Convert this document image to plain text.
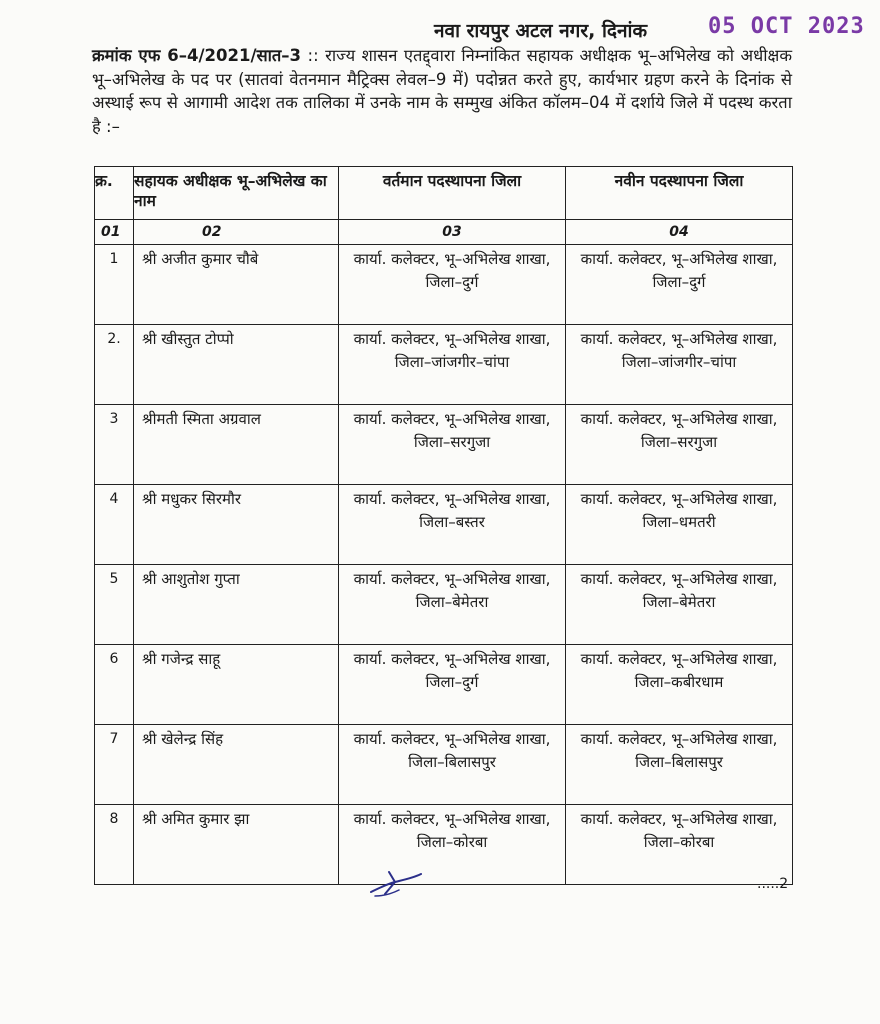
नवा रायपुर अटल नगर, दिनांक	05 OCT 2023
क्रमांक एफ 6–4/2021/सात–3 :: राज्य शासन एतद्द्वारा निम्नांकित सहायक अधीक्षक भू–अभिलेख को अधीक्षक भू–अभिलेख के पद पर (सातवां वेतनमान मैट्रिक्स लेवल–9 में) पदोन्नत करते हुए, कार्यभार ग्रहण करने के दिनांक से अस्थाई रूप से आगामी आदेश तक तालिका में उनके नाम के सम्मुख अंकित कॉलम–04 में दर्शाये जिले में पदस्थ करता है :–
क्र.	सहायक अधीक्षक भू–अभिलेख का नाम	वर्तमान पदस्थापना जिला	नवीन पदस्थापना जिला
01	02	03	04
1	श्री अजीत कुमार चौबे	कार्या. कलेक्टर, भू–अभिलेख शाखा, जिला–दुर्ग	कार्या. कलेक्टर, भू–अभिलेख शाखा, जिला–दुर्ग
2.	श्री खीस्तुत टोप्पो	कार्या. कलेक्टर, भू–अभिलेख शाखा, जिला–जांजगीर–चांपा	कार्या. कलेक्टर, भू–अभिलेख शाखा, जिला–जांजगीर–चांपा
3	श्रीमती स्मिता अग्रवाल	कार्या. कलेक्टर, भू–अभिलेख शाखा, जिला–सरगुजा	कार्या. कलेक्टर, भू–अभिलेख शाखा, जिला–सरगुजा
4	श्री मधुकर सिरमौर	कार्या. कलेक्टर, भू–अभिलेख शाखा, जिला–बस्तर	कार्या. कलेक्टर, भू–अभिलेख शाखा, जिला–धमतरी
5	श्री आशुतोश गुप्ता	कार्या. कलेक्टर, भू–अभिलेख शाखा, जिला–बेमेतरा	कार्या. कलेक्टर, भू–अभिलेख शाखा, जिला–बेमेतरा
6	श्री गजेन्द्र साहू	कार्या. कलेक्टर, भू–अभिलेख शाखा, जिला–दुर्ग	कार्या. कलेक्टर, भू–अभिलेख शाखा, जिला–कबीरधाम
7	श्री खेलेन्द्र सिंह	कार्या. कलेक्टर, भू–अभिलेख शाखा, जिला–बिलासपुर	कार्या. कलेक्टर, भू–अभिलेख शाखा, जिला–बिलासपुर
8	श्री अमित कुमार झा	कार्या. कलेक्टर, भू–अभिलेख शाखा, जिला–कोरबा	कार्या. कलेक्टर, भू–अभिलेख शाखा, जिला–कोरबा
.....2
